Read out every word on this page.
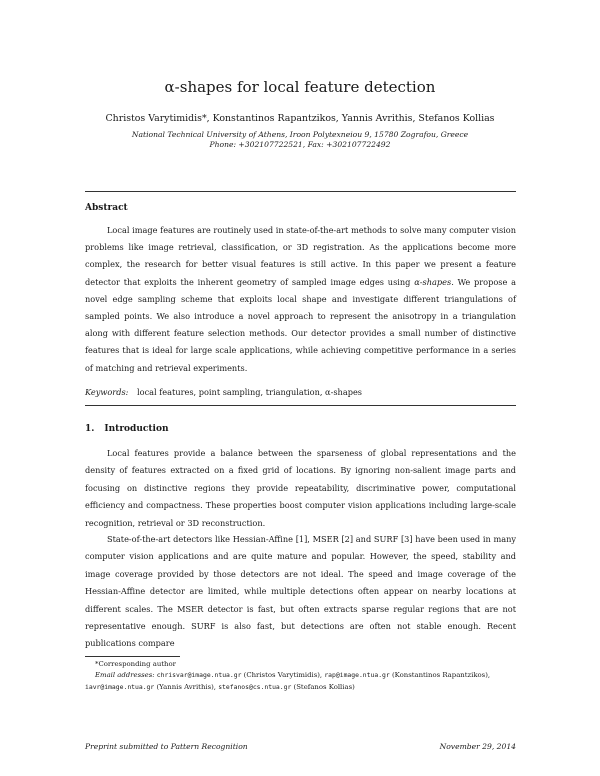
α-shapes for local feature detection
Christos Varytimidis*, Konstantinos Rapantzikos, Yannis Avrithis, Stefanos Kollias
National Technical University of Athens, Iroon Polytexneiou 9, 15780 Zografou, Greece
Phone: +302107722521, Fax: +302107722492
Abstract

Local image features are routinely used in state-of-the-art methods to solve many computer vision problems like image retrieval, classification, or 3D registration. As the applications become more complex, the research for better visual features is still active. In this paper we present a feature detector that exploits the inherent geometry of sampled image edges using α-shapes. We propose a novel edge sampling scheme that exploits local shape and investigate different triangulations of sampled points. We also introduce a novel approach to represent the anisotropy in a triangulation along with different feature selection methods. Our detector provides a small number of distinctive features that is ideal for large scale applications, while achieving competitive performance in a series of matching and retrieval experiments.

Keywords: local features, point sampling, triangulation, α-shapes
1. Introduction

Local features provide a balance between the sparseness of global representations and the density of features extracted on a fixed grid of locations. By ignoring non-salient image parts and focusing on distinctive regions they provide repeatability, discriminative power, computational efficiency and compactness. These properties boost computer vision applications including large-scale recognition, retrieval or 3D reconstruction.

State-of-the-art detectors like Hessian-Affine [1], MSER [2] and SURF [3] have been used in many computer vision applications and are quite mature and popular. However, the speed, stability and image coverage provided by those detectors are not ideal. The speed and image coverage of the Hessian-Affine detector are limited, while multiple detections often appear on nearby locations at different scales. The MSER detector is fast, but often extracts sparse regular regions that are not representative enough. SURF is also fast, but detections are often not stable enough. Recent publications compare

*Corresponding author
Email addresses: chrisvar@image.ntua.gr (Christos Varytimidis), rap@image.ntua.gr (Konstantinos Rapantzikos), iavr@image.ntua.gr (Yannis Avrithis), stefanos@cs.ntua.gr (Stefanos Kollias)
Preprint submitted to Pattern Recognition	November 29, 2014
